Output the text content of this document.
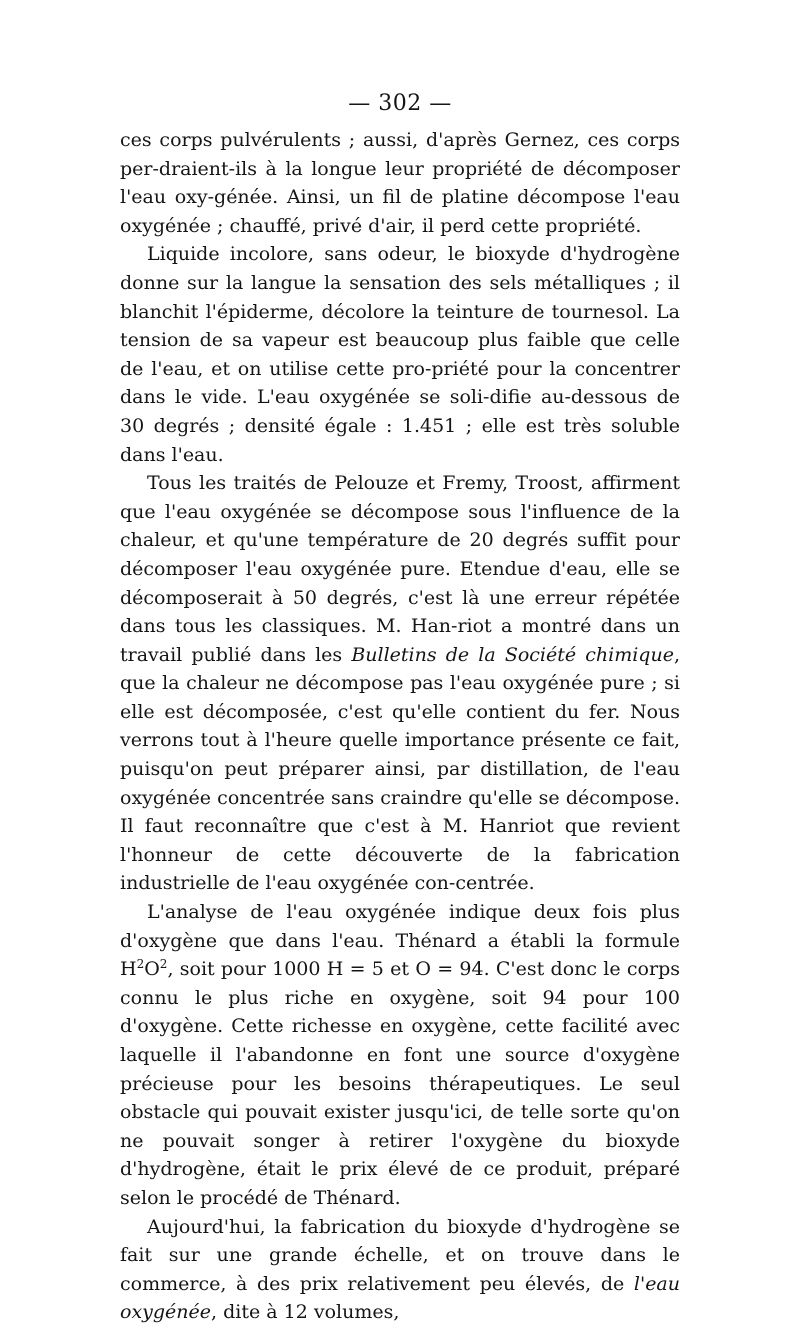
— 302 —

ces corps pulvérulents ; aussi, d'après Gernez, ces corps per-draient-ils à la longue leur propriété de décomposer l'eau oxy-génée. Ainsi, un fil de platine décompose l'eau oxygénée ; chauffé, privé d'air, il perd cette propriété.

Liquide incolore, sans odeur, le bioxyde d'hydrogène donne sur la langue la sensation des sels métalliques ; il blanchit l'épiderme, décolore la teinture de tournesol. La tension de sa vapeur est beaucoup plus faible que celle de l'eau, et on utilise cette pro-priété pour la concentrer dans le vide. L'eau oxygénée se soli-difie au-dessous de 30 degrés ; densité égale : 1.451 ; elle est très soluble dans l'eau.

Tous les traités de Pelouze et Fremy, Troost, affirment que l'eau oxygénée se décompose sous l'influence de la chaleur, et qu'une température de 20 degrés suffit pour décomposer l'eau oxygénée pure. Etendue d'eau, elle se décomposerait à 50 degrés, c'est là une erreur répétée dans tous les classiques. M. Han-riot a montré dans un travail publié dans les Bulletins de la Société chimique, que la chaleur ne décompose pas l'eau oxygénée pure ; si elle est décomposée, c'est qu'elle contient du fer. Nous verrons tout à l'heure quelle importance présente ce fait, puisqu'on peut préparer ainsi, par distillation, de l'eau oxygénée concentrée sans craindre qu'elle se décompose. Il faut reconnaître que c'est à M. Hanriot que revient l'honneur de cette découverte de la fabrication industrielle de l'eau oxygénée con-centrée.

L'analyse de l'eau oxygénée indique deux fois plus d'oxygène que dans l'eau. Thénard a établi la formule $H^2O^2$, soit pour 1000 H = 5 et O = 94. C'est donc le corps connu le plus riche en oxygène, soit 94 pour 100 d'oxygène. Cette richesse en oxygène, cette facilité avec laquelle il l'abandonne en font une source d'oxygène précieuse pour les besoins thérapeutiques. Le seul obstacle qui pouvait exister jusqu'ici, de telle sorte qu'on ne pouvait songer à retirer l'oxygène du bioxyde d'hydrogène, était le prix élevé de ce produit, préparé selon le procédé de Thénard.

Aujourd'hui, la fabrication du bioxyde d'hydrogène se fait sur une grande échelle, et on trouve dans le commerce, à des prix relativement peu élevés, de l'eau oxygénée, dite à 12 volumes,
